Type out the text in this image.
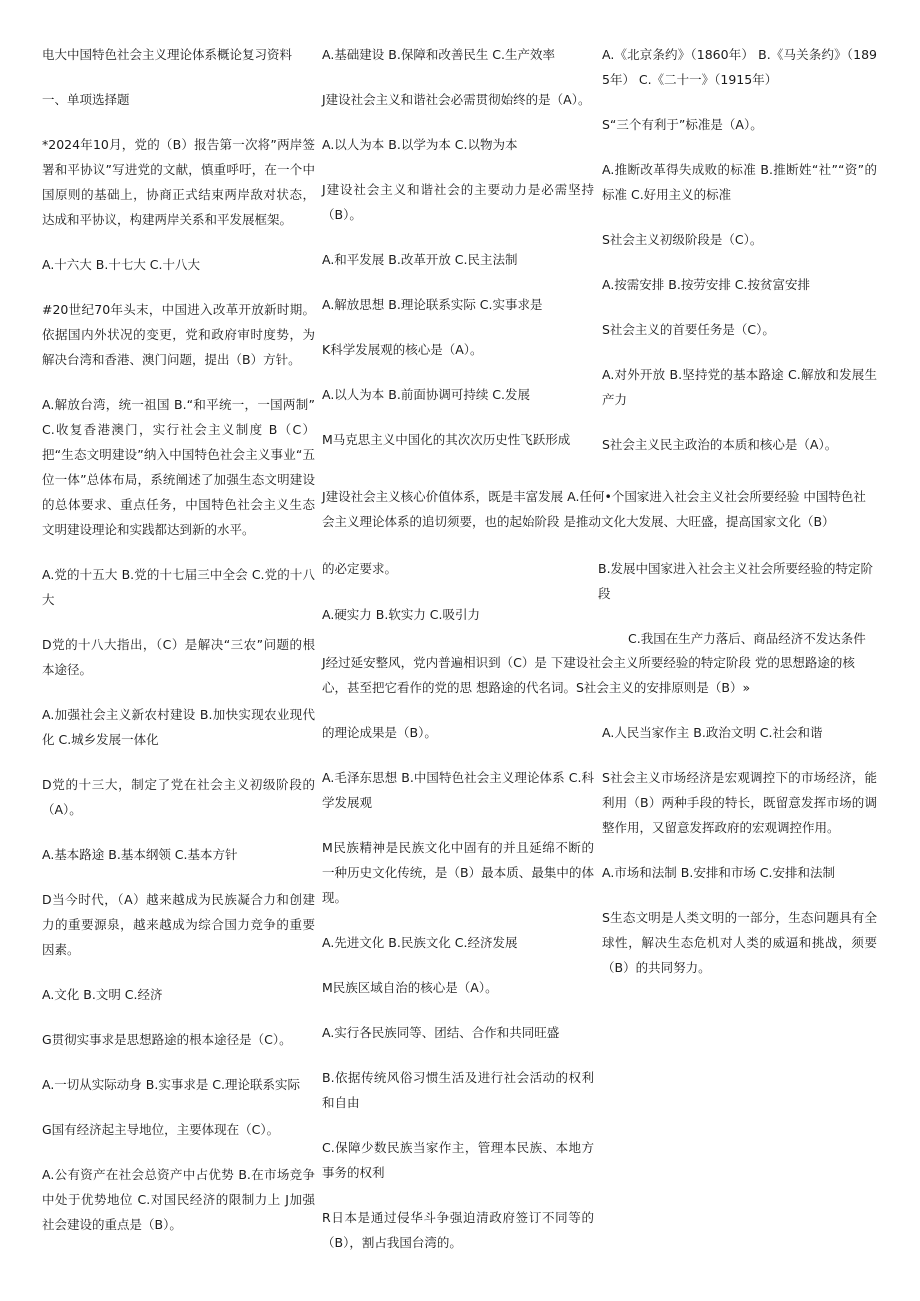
电大中国特色社会主义理论体系概论复习资料

一、单项选择题

*2024年10月，党的（B）报告第一次将”两岸签署和平协议”写进党的文献，慎重呼吁，在一个中国原则的基础上，协商正式结束两岸敌对状态，达成和平协议，构建两岸关系和平发展框架。

A.十六大 B.十七大 C.十八大

#20世纪70年头末，中国进入改革开放新时期。依据国内外状况的变更，党和政府审时度势，为解决台湾和香港、澳门问题，提出（B）方针。

A.解放台湾，统一祖国 B.“和平统一，一国两制” C.收复香港澳门，实行社会主义制度 B（C）把“生态文明建设”纳入中国特色社会主义事业“五位一体”总体布局，系统阐述了加强生态文明建设的总体要求、重点任务，中国特色社会主义生态文明建设理论和实践都达到新的水平。

A.党的十五大 B.党的十七届三中全会 C.党的十八大

D党的十八大指出，（C）是解决“三农”问题的根本途径。

A.加强社会主义新农村建设 B.加快实现农业现代化 C.城乡发展一体化

D党的十三大，制定了党在社会主义初级阶段的（A）。

A.基本路途 B.基本纲领 C.基本方针

D当今时代，（A）越来越成为民族凝合力和创建力的重要源泉，越来越成为综合国力竞争的重要因素。

A.文化 B.文明 C.经济

G贯彻实事求是思想路途的根本途径是（C）。

A.一切从实际动身 B.实事求是 C.理论联系实际

G国有经济起主导地位，主要体现在（C）。

A.公有资产在社会总资产中占优势 B.在市场竞争中处于优势地位 C.对国民经济的限制力上 J加强社会建设的重点是（B）。

A.基础建设 B.保障和改善民生 C.生产效率

J建设社会主义和谐社会必需贯彻始终的是（A）。

A.以人为本 B.以学为本 C.以物为本

J建设社会主义和谐社会的主要动力是必需坚持（B）。

A.和平发展 B.改革开放 C.民主法制

A.解放思想 B.理论联系实际 C.实事求是

K科学发展观的核心是（A）。

A.以人为本 B.前面协调可持续 C.发展

M马克思主义中国化的其次次历史性飞跃形成

J建设社会主义核心价值体系，既是丰富发展 A.任何•个国家进入社会主义社会所要经验 中国特色社会主义理论体系的追切须要，也的起始阶段 是推动文化大发展、大旺盛，提高国家文化（B）

的必定要求。

A.硬实力 B.软实力 C.吸引力

J经过延安整风，党内普遍相识到（C）是 下建设社会主义所要经验的特定阶段 党的思想路途的核心，甚至把它看作的党的思 想路途的代名词。S社会主义的安排原则是（B）»

的理论成果是（B）。

A.毛泽东思想 B.中国特色社会主义理论体系 C.科学发展观

M民族精神是民族文化中固有的并且延绵不断的一种历史文化传统，是（B）最本质、最集中的体现。

A.先进文化 B.民族文化 C.经济发展

M民族区域自治的核心是（A）。

A.实行各民族同等、团结、合作和共同旺盛

B.依据传统风俗习惯生活及进行社会活动的权利和自由

C.保障少数民族当家作主，管理本民族、本地方事务的权利

R日本是通过侵华斗争强迫清政府签订不同等的（B），割占我国台湾的。

A.《北京条约》（1860年） B.《马关条约》（1895年） C.《二十一》（1915年）

S“三个有利于”标准是（A）。

A.推断改革得失成败的标准 B.推断姓“社”“资”的标准 C.好用主义的标准

S社会主义初级阶段是（C）。

A.按需安排 B.按劳安排 C.按贫富安排

S社会主义的首要任务是（C）。

A.对外开放 B.坚持党的基本路途 C.解放和发展生产力

S社会主义民主政治的本质和核心是（A）。

B.发展中国家进入社会主义社会所要经验的特定阶段

C.我国在生产力落后、商品经济不发达条件

A.人民当家作主 B.政治文明 C.社会和谐

S社会主义市场经济是宏观调控下的市场经济，能利用（B）两种手段的特长，既留意发挥市场的调整作用，又留意发挥政府的宏观调控作用。

A.市场和法制 B.安排和市场 C.安排和法制

S生态文明是人类文明的一部分，生态问题具有全球性，解决生态危机对人类的威逼和挑战，须要（B）的共同努力。
